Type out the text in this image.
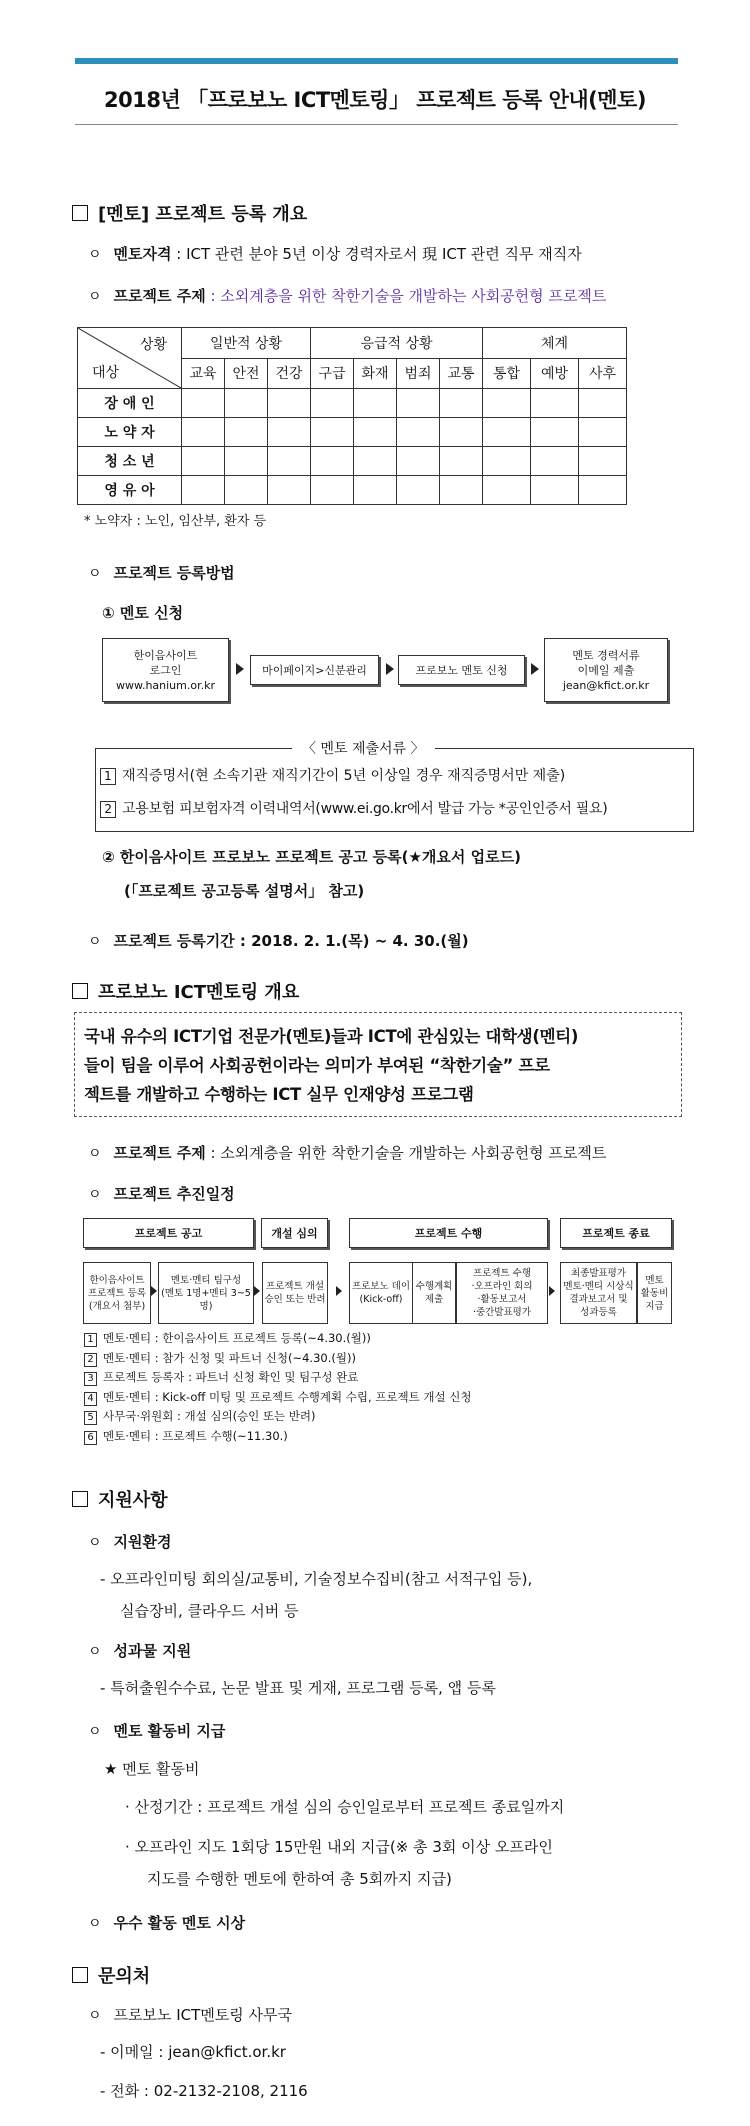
2018년 「프로보노 ICT멘토링」 프로젝트 등록 안내(멘토)
[멘토] 프로젝트 등록 개요
ㅇ 멘토자격 : ICT 관련 분야 5년 이상 경력자로서 現 ICT 관련 직무 재직자
ㅇ 프로젝트 주제 : 소외계층을 위한 착한기술을 개발하는 사회공헌형 프로젝트
상황
대상	일반적 상황			응급적 상황				체계		
	교육	안전	건강	구급	화재	범죄	교통	통합	예방	사후
장 애 인										
노 약 자										
청 소 년										
영 유 아										
* 노약자 : 노인, 임산부, 환자 등
ㅇ 프로젝트 등록방법
① 멘토 신청
한이음사이트
로그인
www.hanium.or.kr
마이페이지>신분관리	프로보노 멘토 신청
멘토 경력서류
이메일 제출
jean@kfict.or.kr
〈 멘토 제출서류 〉
1 재직증명서(현 소속기관 재직기간이 5년 이상일 경우 재직증명서만 제출)
2 고용보험 피보험자격 이력내역서(www.ei.go.kr에서 발급 가능 *공인인증서 필요)
② 한이음사이트 프로보노 프로젝트 공고 등록(★개요서 업로드)
(「프로젝트 공고등록 설명서」 참고)
ㅇ 프로젝트 등록기간 : 2018. 2. 1.(목) ~ 4. 30.(월)
프로보노 ICT멘토링 개요
국내 유수의 ICT기업 전문가(멘토)들과 ICT에 관심있는 대학생(멘티)
들이 팀을 이루어 사회공헌이라는 의미가 부여된 “착한기술” 프로
젝트를 개발하고 수행하는 ICT 실무 인재양성 프로그램
ㅇ 프로젝트 주제 : 소외계층을 위한 착한기술을 개발하는 사회공헌형 프로젝트
ㅇ 프로젝트 추진일정
프로젝트 공고	개설 심의	프로젝트 수행	프로젝트 종료
한이음사이트
프로젝트 등록
(개요서 첨부)
멘토·멘티 팀구성
(멘토 1명+멘티 3~5명)
프로젝트 개설
승인 또는 반려
프로보노 데이
(Kick-off)
수행계획
제출
프로젝트 수행
·오프라인 회의
·활동보고서
·중간발표평가
최종발표평가
멘토·멘티 시상식
결과보고서 및
성과등록
멘토
활동비
지급
1 멘토·멘티 : 한이음사이트 프로젝트 등록(~4.30.(월))
2 멘토·멘티 : 참가 신청 및 파트너 신청(~4.30.(월))
3 프로젝트 등록자 : 파트너 신청 확인 및 팀구성 완료
4 멘토·멘티 : Kick-off 미팅 및 프로젝트 수행계획 수립, 프로젝트 개설 신청
5 사무국·위원회 : 개설 심의(승인 또는 반려)
6 멘토·멘티 : 프로젝트 수행(~11.30.)
지원사항
ㅇ 지원환경
- 오프라인미팅 회의실/교통비, 기술정보수집비(참고 서적구입 등),
실습장비, 클라우드 서버 등
ㅇ 성과물 지원
- 특허출원수수료, 논문 발표 및 게재, 프로그램 등록, 앱 등록
ㅇ 멘토 활동비 지급
★ 멘토 활동비
· 산정기간 : 프로젝트 개설 심의 승인일로부터 프로젝트 종료일까지
· 오프라인 지도 1회당 15만원 내외 지급(※ 총 3회 이상 오프라인
지도를 수행한 멘토에 한하여 총 5회까지 지급)
ㅇ 우수 활동 멘토 시상
문의처
ㅇ 프로보노 ICT멘토링 사무국
- 이메일 : jean@kfict.or.kr
- 전화 : 02-2132-2108, 2116
